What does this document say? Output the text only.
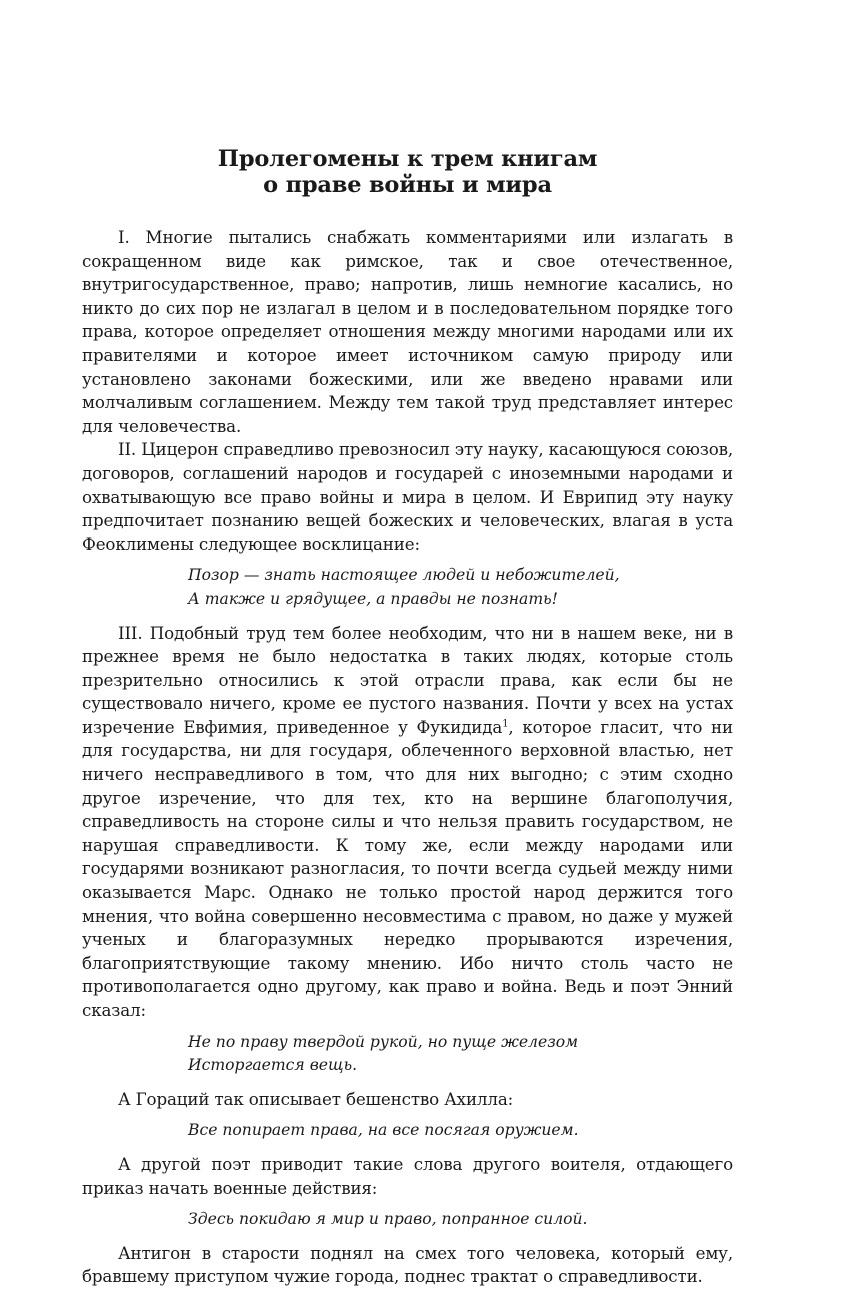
Пролегомены к трем книгам
о праве войны и мира

I. Многие пытались снабжать комментариями или излагать в сокращенном виде как римское, так и свое отечественное, внутригосударственное, право; напротив, лишь немногие касались, но никто до сих пор не излагал в целом и в последовательном порядке того права, которое определяет отношения между многими народами или их правителями и которое имеет источником самую природу или установлено законами божескими, или же введено нравами или молчаливым соглашением. Между тем такой труд представляет интерес для человечества.

II. Цицерон справедливо превозносил эту науку, касающуюся союзов, договоров, соглашений народов и государей с иноземными народами и охватывающую все право войны и мира в целом. И Еврипид эту науку предпочитает познанию вещей божеских и человеческих, влагая в уста Феоклимены следующее восклицание:

Позор — знать настоящее людей и небожителей,
А также и грядущее, а правды не познать!

III. Подобный труд тем более необходим, что ни в нашем веке, ни в прежнее время не было недостатка в таких людях, которые столь презрительно относились к этой отрасли права, как если бы не существовало ничего, кроме ее пустого названия. Почти у всех на устах изречение Евфимия, приведенное у Фукидида$^1$, которое гласит, что ни для государства, ни для государя, облеченного верховной властью, нет ничего несправедливого в том, что для них выгодно; с этим сходно другое изречение, что для тех, кто на вершине благополучия, справедливость на стороне силы и что нельзя править государством, не нарушая справедливости. К тому же, если между народами или государями возникают разногласия, то почти всегда судьей между ними оказывается Марс. Однако не только простой народ держится того мнения, что война совершенно несовместима с правом, но даже у мужей ученых и благоразумных нередко прорываются изречения, благоприятствующие такому мнению. Ибо ничто столь часто не противополагается одно другому, как право и война. Ведь и поэт Энний сказал:

Не по праву твердой рукой, но пуще железом
Исторгается вещь.

А Гораций так описывает бешенство Ахилла:

Все попирает права, на все посягая оружием.

А другой поэт приводит такие слова другого воителя, отдающего приказ начать военные действия:

Здесь покидаю я мир и право, попранное силой.

Антигон в старости поднял на смех того человека, который ему, бравшему приступом чужие города, поднес трактат о справедливости.
